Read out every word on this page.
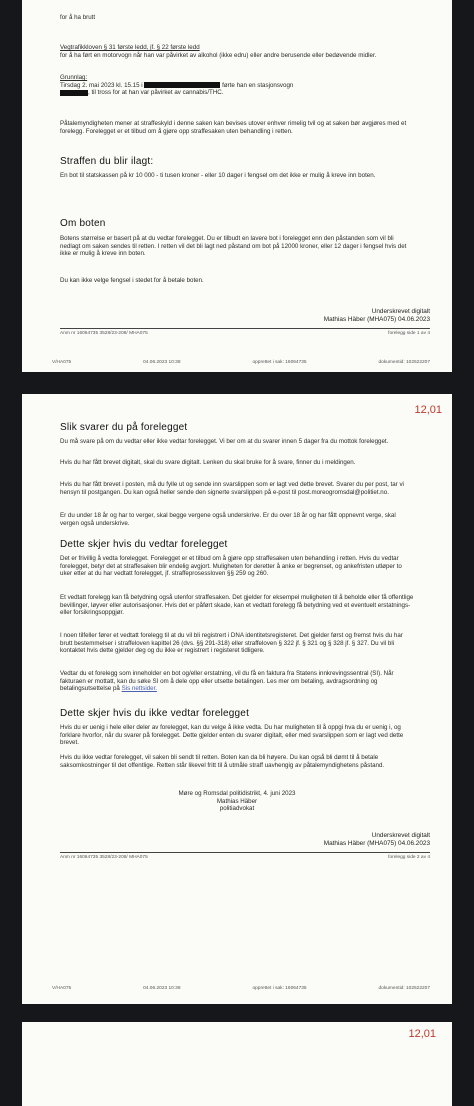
for å ha brutt
Vegtrafikkloven § 31 første ledd, jf. § 22 første ledd
for å ha ført en motorvogn når han var påvirket av alkohol (ikke edru) eller andre berusende eller bedøvende midler.
Grunnlag:
Tirsdag 2. mai 2023 kl. 15.15 i	førte han en stasjonsvogn
, til tross for at han var påvirket av cannabis/THC.
Påtalemyndigheten mener at straffeskyld i denne saken kan bevises utover enhver rimelig tvil og at saken bør avgjøres med et forelegg. Forelegget er et tilbud om å gjøre opp straffesaken uten behandling i retten.
Straffen du blir ilagt:
En bot til statskassen på kr 10 000 - ti tusen kroner - eller 10 dager i fengsel om det ikke er mulig å kreve inn boten.
Om boten
Botens størrelse er basert på at du vedtar forelegget. Du er tilbudt en lavere bot i forelegget enn den påstanden som vil bli nedlagt om saken sendes til retten. I retten vil det bli lagt ned påstand om bot på 12000 kroner, eller 12 dager i fengsel hvis det ikke er mulig å kreve inn boten.
Du kan ikke velge fengsel i stedet for å betale boten.
Underskrevet digitalt
Mathias Häber (MHA075) 04.06.2023
Anm nr 16064735 3528/23-208/ MHA075	forelegg side 1 av 4
V/HA075	04.06.2023 10:38	opprettet i sak: 16064735	dokumentid: 102522207
12,01
Slik svarer du på forelegget
Du må svare på om du vedtar eller ikke vedtar forelegget. Vi ber om at du svarer innen 5 dager fra du mottok forelegget.
Hvis du har fått brevet digitalt, skal du svare digitalt. Lenken du skal bruke for å svare, finner du i meldingen.
Hvis du har fått brevet i posten, må du fylle ut og sende inn svarslippen som er lagt ved dette brevet. Svarer du per post, tar vi hensyn til postgangen. Du kan også heller sende den signerte svarslippen på e-post til post.moreogromsdal@politiet.no.
Er du under 18 år og har to verger, skal begge vergene også underskrive. Er du over 18 år og har fått oppnevnt verge, skal vergen også underskrive.
Dette skjer hvis du vedtar forelegget
Det er frivillig å vedta forelegget. Forelegget er et tilbud om å gjøre opp straffesaken uten behandling i retten. Hvis du vedtar forelegget, betyr det at straffesaken blir endelig avgjort. Muligheten for deretter å anke er begrenset, og ankefristen utløper to uker etter at du har vedtatt forelegget, jf. straffeprosessloven §§ 259 og 260.
Et vedtatt forelegg kan få betydning også utenfor straffesaken. Det gjelder for eksempel muligheten til å beholde eller få offentlige bevillinger, løyver eller autorisasjoner. Hvis det er påført skade, kan et vedtatt forelegg få betydning ved et eventuelt erstatnings- eller forsikringsoppgjør.
I noen tilfeller fører et vedtatt forelegg til at du vil bli registrert i DNA identitetsregisteret. Det gjelder først og fremst hvis du har brutt bestemmelser i straffeloven kapittel 26 (dvs. §§ 291-318) eller straffeloven § 322 jf. § 321 og § 328 jf. § 327. Du vil bli kontaktet hvis dette gjelder deg og du ikke er registrert i registeret tidligere.
Vedtar du et forelegg som inneholder en bot og/eller erstatning, vil du få en faktura fra Statens innkrevingssentral (SI). Når fakturaen er mottatt, kan du søke SI om å dele opp eller utsette betalingen. Les mer om betaling, avdragsordning og betalingsutsettelse på Sis nettsider.
Dette skjer hvis du ikke vedtar forelegget
Hvis du er uenig i hele eller deler av forelegget, kan du velge å ikke vedta. Du har muligheten til å oppgi hva du er uenig i, og forklare hvorfor, når du svarer på forelegget. Dette gjelder enten du svarer digitalt, eller med svarslippen som er lagt ved dette brevet.
Hvis du ikke vedtar forelegget, vil saken bli sendt til retten. Boten kan da bli høyere. Du kan også bli dømt til å betale saksomkostninger til det offentlige. Retten står likevel fritt til å utmåle straff uavhengig av påtalemyndighetens påstand.
Møre og Romsdal politidistrikt, 4. juni 2023
Mathias Häber
politiadvokat
Underskrevet digitalt
Mathias Häber (MHA075) 04.06.2023
Anm nr 16064735 3528/23-208/ MHA075	forelegg side 2 av 4
V/HA075	04.06.2023 10:38	opprettet i sak: 16064735	dokumentid: 102522207
12,01
